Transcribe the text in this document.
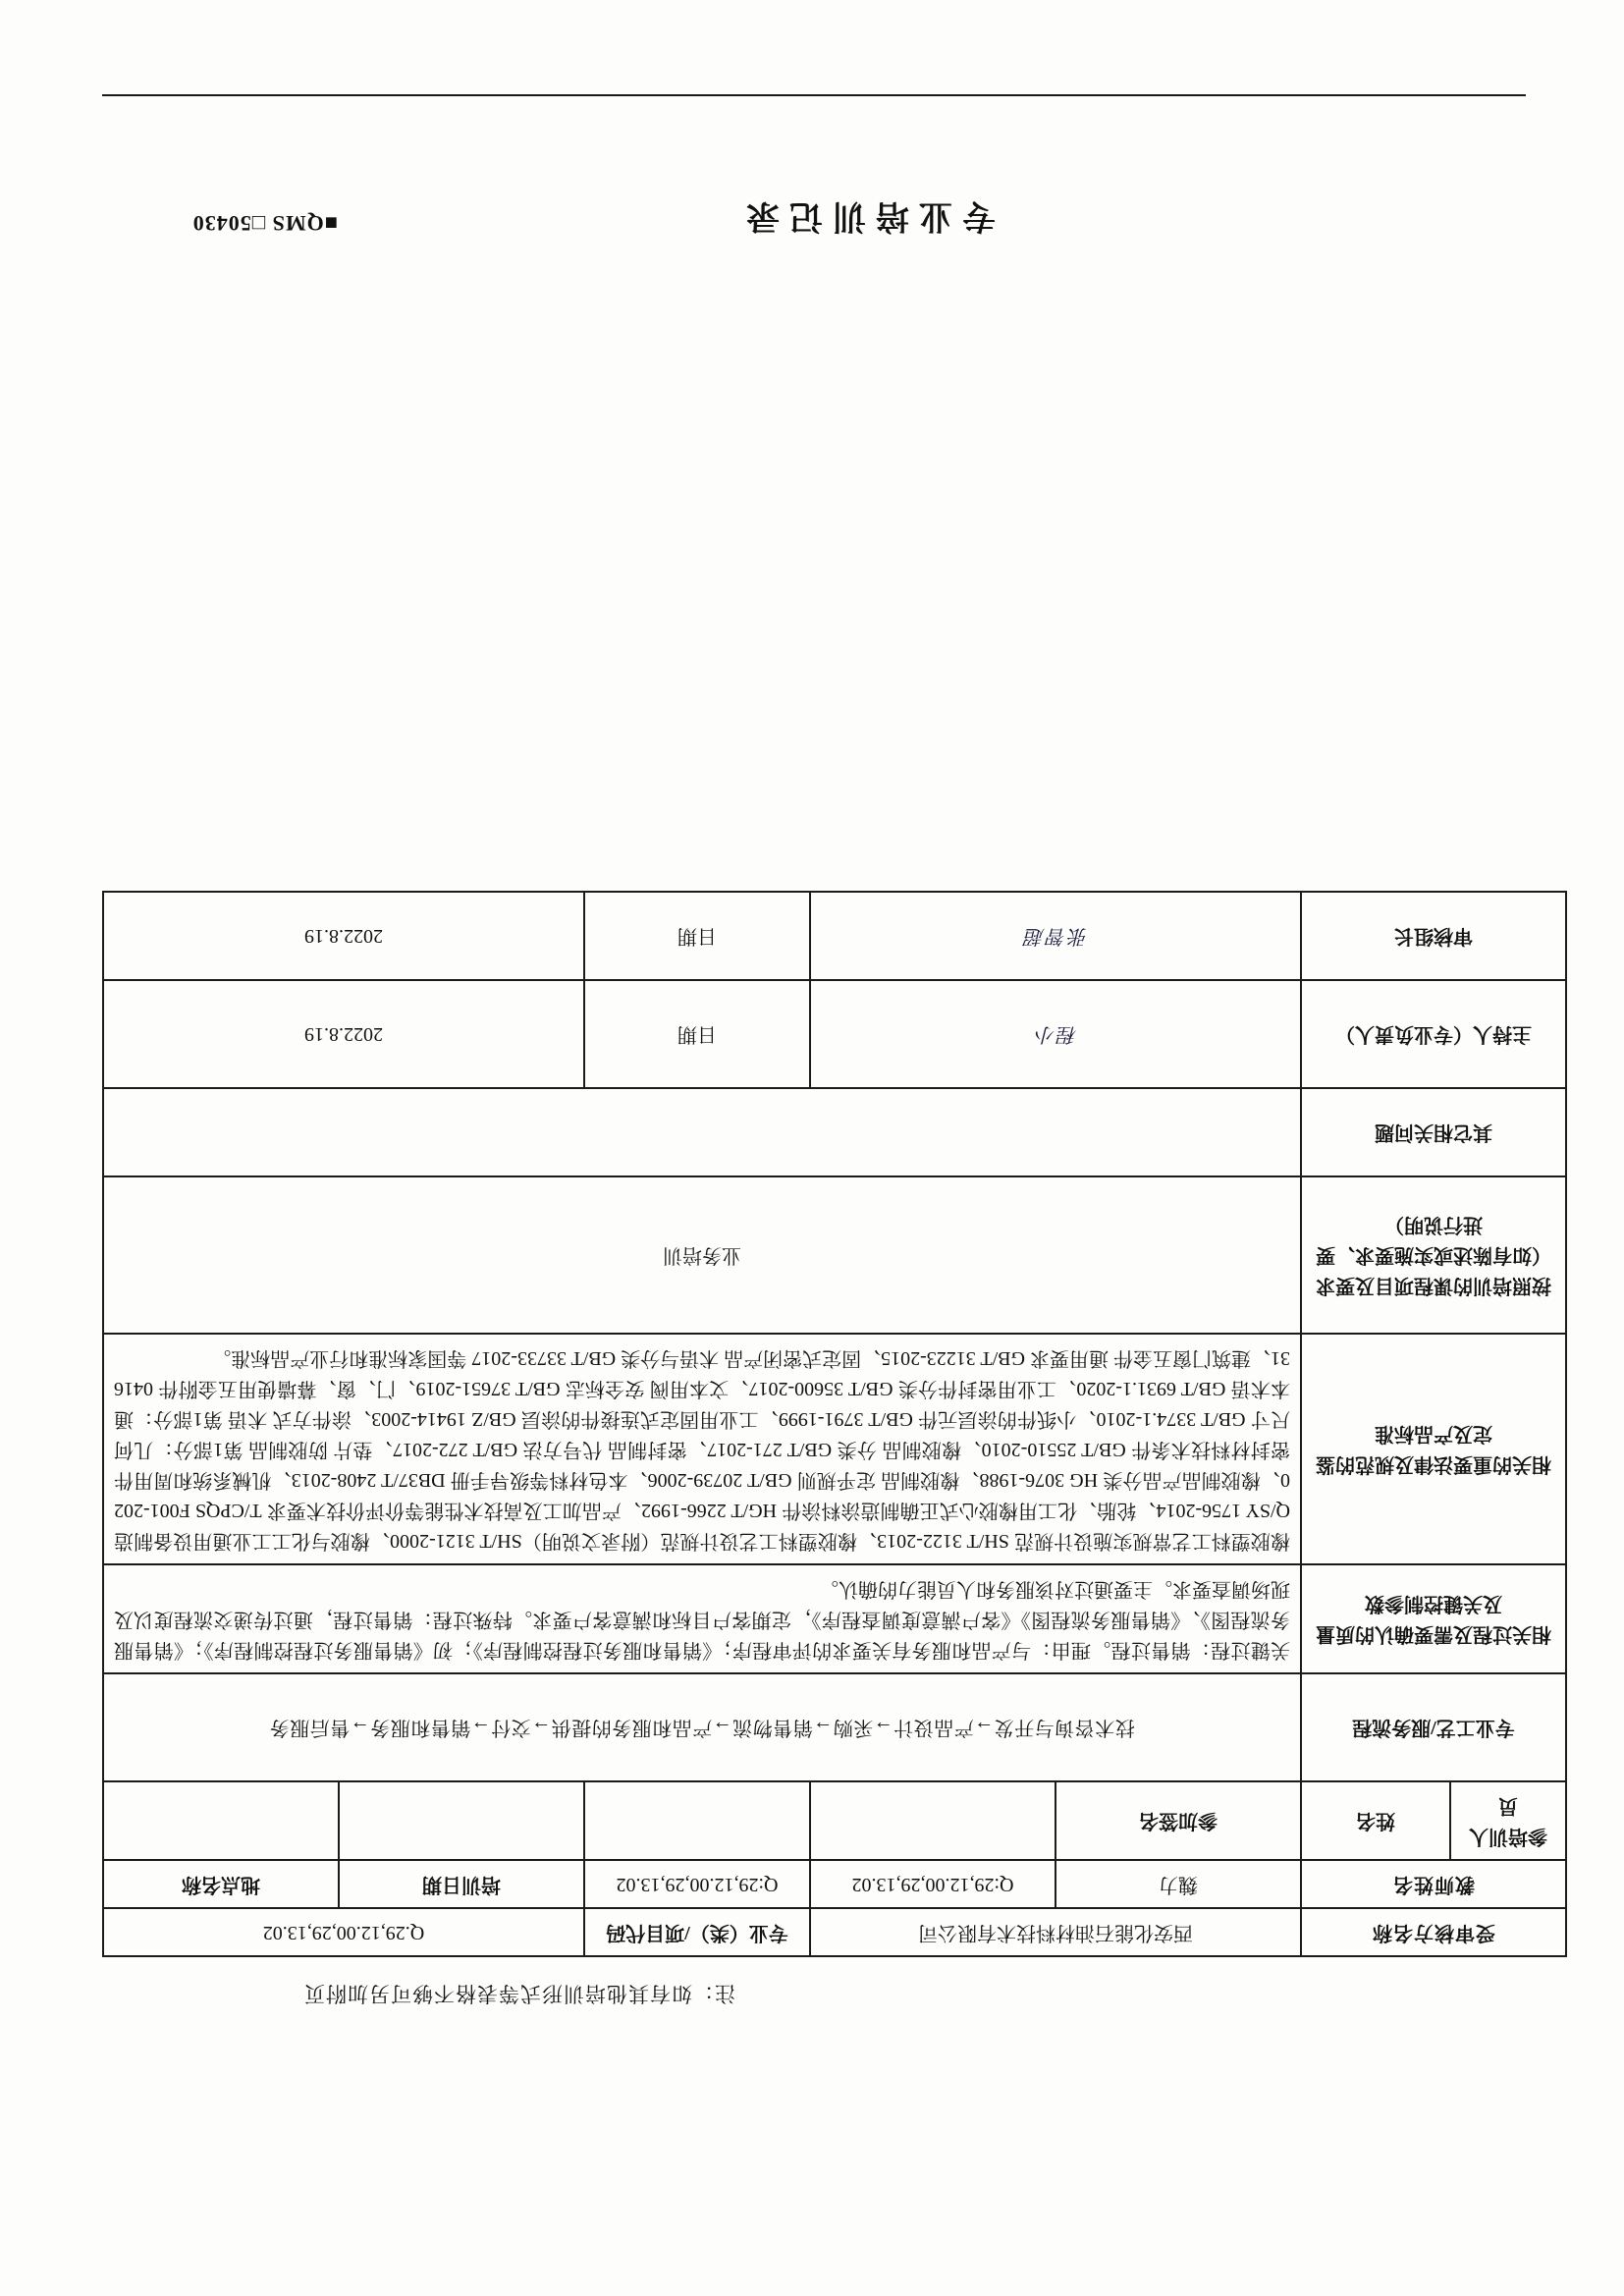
注：如有其他培训形式等表格不够可另加附页
专业培训记录
■QMS □50430
受审核方名称		西安化能石油材料技术有限公司		专业（类）/项目代码	Q.29,12.00,29,13.02	
教师姓名		魏力	Q:29,12.00,29,13.02	Q:29,12.00,29,13.02	培训日期	地点名称
参培训人员	姓名	参加签名				
专业工艺/服务流程		技术咨询与开发→产品设计→采购→销售物流→产品和服务的提供→交付→销售和服务→售后服务				
相关过程及需要确认的质量及关键控制参数		关键过程：销售过程。理由：与产品和服务有关要求的评审程序；《销售和服务过程控制程序》；初《销售服务过程控制程序》；《销售服务流程图》、《销售服务流程图》《客户满意度调查程序》，定期客户目标和满意客户要求。特殊过程：销售过程，通过传递交流程度以及现场调查要求。主要通过对该服务和人员能力的确认。				
相关的重要法律及规范的鉴定及产品标准		橡胶塑料工艺常规实施设计规范 SH/T 3122-2013、橡胶塑料工艺设计规范（附录文说明）SH/T 3121-2000、橡胶与化工工业通用设备制造 Q/SY 1756-2014、轮胎、化工用橡胶心式正确制造涂料涂件 HG/T 2266-1992、产品加工及高技术性能等价评价技术要求 T/CPQS F001-2020、橡胶制品产品分类 HG 3076-1988、橡胶制品 定乎规则 GB/T 20739-2006、本色材料等级导手册 DB37/T 2408-2013、机械系统和周用件 密封材料技术条件 GB/T 25510-2010、橡胶制品 分类 GB/T 271-2017、密封制品 代号方法 GB/T 272-2017、垫片 防胶制品 第1部分：几何尺寸 GB/T 3374.1-2010、小纸件的涂层元件 GB/T 3791-1999、工业用固定式连接件的涂层 GB/Z 19414-2003、涂件方式 术语 第1部分：通本术语 GB/T 6931.1-2020、工业用密封件分类 GB/T 35600-2017、文本用阀 安全标志 GB/T 37651-2019、门、窗、幕墙使用五金附件 041631、建筑门窗五金件 通用要求 GB/T 31223-2015、固定式密闭产品 术语与分类 GB/T 33733-2017 等国家标准和行业产品标准。				
按照培训的课程项目及要求（如有陈述或实施要求、要进行说明）		业务培训				
其它相关问题						
主持人（专业负责人）		程小		日期	2022.8.19	
审核组长		张智超		日期	2022.8.19	
